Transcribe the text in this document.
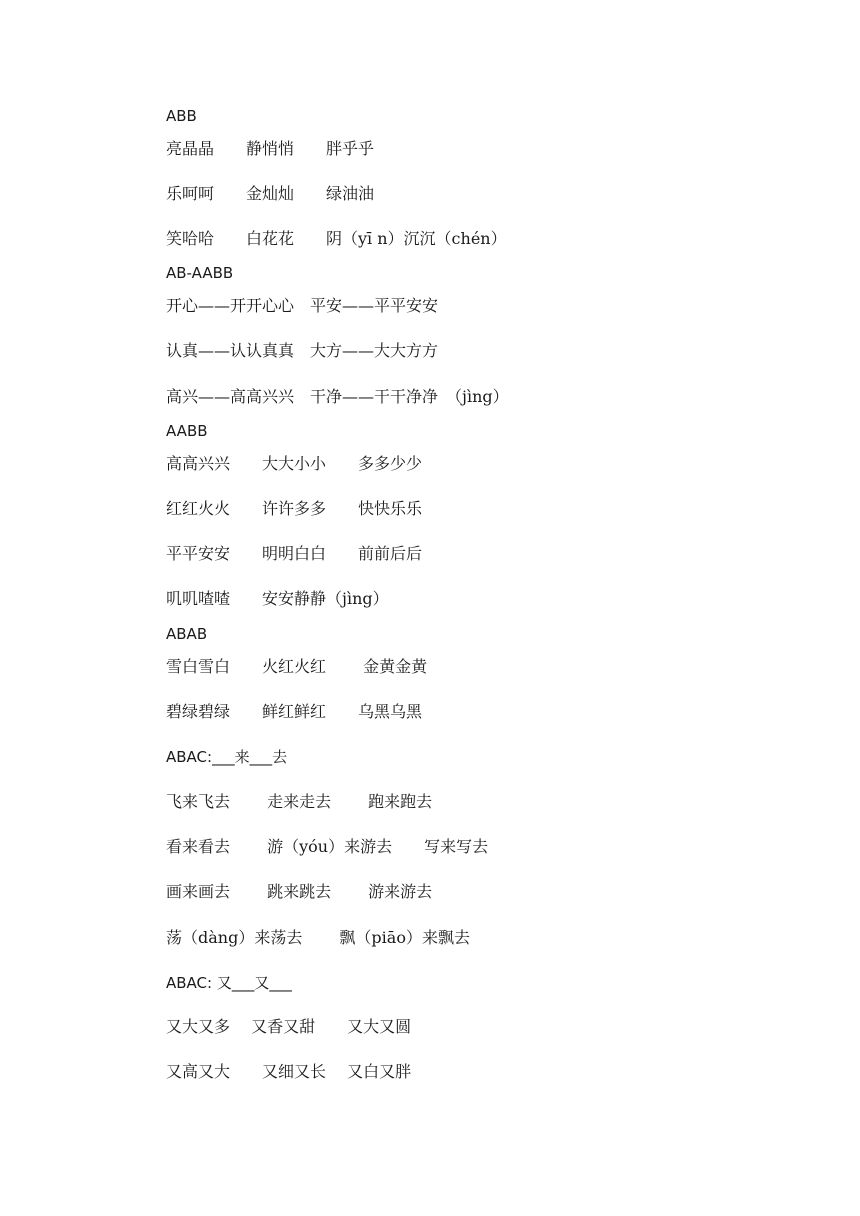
ABB
亮晶晶　　静悄悄　　胖乎乎
乐呵呵　　金灿灿　　绿油油
笑哈哈　　白花花　　阴（yī n）沉沉（chén）
AB-AABB
开心——开开心心　平安——平平安安
认真——认认真真　大方——大大方方
高兴——高高兴兴　干净——干干净净　（jìng）
AABB
高高兴兴　　大大小小　　多多少少
红红火火　　许许多多　　快快乐乐
平平安安　　明明白白　　前前后后
叽叽喳喳　　安安静静（jìng）
ABAB
雪白雪白　　火红火红　　 金黄金黄
碧绿碧绿　　鲜红鲜红　　乌黑乌黑
ABAC:___来___去
飞来飞去　　 走来走去　　 跑来跑去
看来看去　　 游（yóu）来游去　　写来写去
画来画去　　 跳来跳去　　 游来游去
荡（dàng）来荡去　　 飘（piāo）来飘去
ABAC: 又___又___
又大又多　 又香又甜　　又大又圆
又高又大　　又细又长　 又白又胖
